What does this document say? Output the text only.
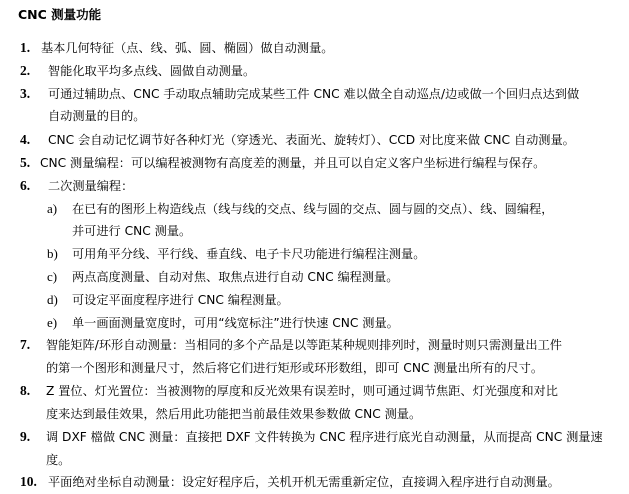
CNC 测量功能
1. 基本几何特征（点、线、弧、圆、椭圆）做自动测量。
2. 智能化取平均多点线、圆做自动测量。
3. 可通过辅助点、CNC 手动取点辅助完成某些工件 CNC 难以做全自动巡点/边或做一个回归点达到做
自动测量的目的。
4. CNC 会自动记忆调节好各种灯光（穿透光、表面光、旋转灯）、CCD 对比度来做 CNC 自动测量。
5. CNC 测量编程：可以编程被测物有高度差的测量，并且可以自定义客户坐标进行编程与保存。
6. 二次测量编程：
a) 在已有的图形上构造线点（线与线的交点、线与圆的交点、圆与圆的交点）、线、圆编程，
并可进行 CNC 测量。
b) 可用角平分线、平行线、垂直线、电子卡尺功能进行编程注测量。
c) 两点高度测量、自动对焦、取焦点进行自动 CNC 编程测量。
d) 可设定平面度程序进行 CNC 编程测量。
e) 单一画面测量宽度时，可用“线宽标注”进行快速 CNC 测量。
7. 智能矩阵/环形自动测量：当相同的多个产品是以等距某种规则排列时，测量时则只需测量出工件
的第一个图形和测量尺寸，然后将它们进行矩形或环形数组，即可 CNC 测量出所有的尺寸。
8. Z 置位、灯光置位：当被测物的厚度和反光效果有误差时，则可通过调节焦距、灯光强度和对比
度来达到最佳效果，然后用此功能把当前最佳效果参数做 CNC 测量。
9. 调 DXF 檔做 CNC 测量：直接把 DXF 文件转换为 CNC 程序进行底光自动测量，从而提高 CNC 测量速
度。
10. 平面绝对坐标自动测量：设定好程序后，关机开机无需重新定位，直接调入程序进行自动测量。
